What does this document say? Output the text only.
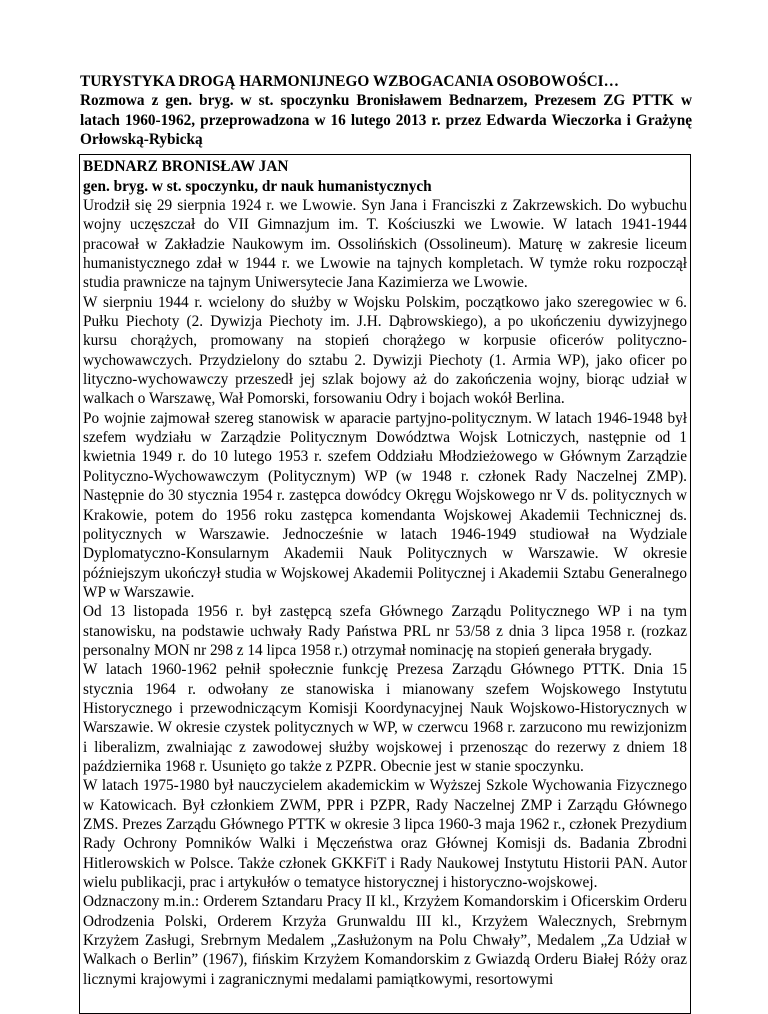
TURYSTYKA DROGĄ HARMONIJNEGO WZBOGACANIA OSOBOWOŚCI…

Rozmowa z gen. bryg. w st. spoczynku Bronisławem Bednarzem, Prezesem ZG PTTK w latach 1960-1962, przeprowadzona w 16 lutego 2013 r. przez Edwarda Wieczorka i Grażynę Orłowską-Rybicką

BEDNARZ BRONISŁAW JAN

gen. bryg. w st. spoczynku, dr nauk humanistycznych

Urodził się 29 sierpnia 1924 r. we Lwowie. Syn Jana i Franciszki z Zakrzewskich. Do wybuchu wojny uczęszczał do VII Gimnazjum im. T. Kościuszki we Lwowie. W latach 1941-1944 pracował w Zakładzie Naukowym im. Ossolińskich (Ossolineum). Maturę w zakresie liceum humanistycznego zdał w 1944 r. we Lwowie na tajnych kompletach. W tymże roku rozpoczął studia prawnicze na tajnym Uniwersytecie Jana Kazimierza we Lwowie.

W sierpniu 1944 r. wcielony do służby w Wojsku Polskim, początkowo jako szeregowiec w 6. Pułku Piechoty (2. Dywizja Piechoty im. J.H. Dąbrowskiego), a po ukończeniu dywizyjnego kursu chorążych, promowany na stopień chorążego w korpusie oficerów polityczno-wychowawczych. Przydzielony do sztabu 2. Dywizji Piechoty (1. Armia WP), jako oficer po lityczno-wychowawczy przeszedł jej szlak bojowy aż do zakończenia wojny, biorąc udział w walkach o Warszawę, Wał Pomorski, forsowaniu Odry i bojach wokół Berlina.

Po wojnie zajmował szereg stanowisk w aparacie partyjno-politycznym. W latach 1946-1948 był szefem wydziału w Zarządzie Politycznym Dowództwa Wojsk Lotniczych, następnie od 1 kwietnia 1949 r. do 10 lutego 1953 r. szefem Oddziału Młodzieżowego w Głównym Zarządzie Polityczno-Wychowawczym (Politycznym) WP (w 1948 r. członek Rady Naczelnej ZMP). Następnie do 30 stycznia 1954 r. zastępca dowódcy Okręgu Wojskowego nr V ds. politycznych w Krakowie, potem do 1956 roku zastępca komendanta Wojskowej Akademii Technicznej ds. politycznych w Warszawie. Jednocześnie w latach 1946-1949 studiował na Wydziale Dyplomatyczno-Konsularnym Akademii Nauk Politycznych w Warszawie. W okresie późniejszym ukończył studia w Wojskowej Akademii Politycznej i Akademii Sztabu Generalnego WP w Warszawie.

Od 13 listopada 1956 r. był zastępcą szefa Głównego Zarządu Politycznego WP i na tym stanowisku, na podstawie uchwały Rady Państwa PRL nr 53/58 z dnia 3 lipca 1958 r. (rozkaz personalny MON nr 298 z 14 lipca 1958 r.) otrzymał nominację na stopień generała brygady.

W latach 1960-1962 pełnił społecznie funkcję Prezesa Zarządu Głównego PTTK. Dnia 15 stycznia 1964 r. odwołany ze stanowiska i mianowany szefem Wojskowego Instytutu Historycznego i przewodniczącym Komisji Koordynacyjnej Nauk Wojskowo-Historycznych w Warszawie. W okresie czystek politycznych w WP, w czerwcu 1968 r. zarzucono mu rewizjonizm i liberalizm, zwalniając z zawodowej służby wojskowej i przenosząc do rezerwy z dniem 18 października 1968 r. Usunięto go także z PZPR. Obecnie jest w stanie spoczynku.

W latach 1975-1980 był nauczycielem akademickim w Wyższej Szkole Wychowania Fizycznego w Katowicach. Był członkiem ZWM, PPR i PZPR, Rady Naczelnej ZMP i Zarządu Głównego ZMS. Prezes Zarządu Głównego PTTK w okresie 3 lipca 1960-3 maja 1962 r., członek Prezydium Rady Ochrony Pomników Walki i Męczeństwa oraz Głównej Komisji ds. Badania Zbrodni Hitlerowskich w Polsce. Także członek GKKFiT i Rady Naukowej Instytutu Historii PAN. Autor wielu publikacji, prac i artykułów o tematyce historycznej i historyczno-wojskowej.

Odznaczony m.in.: Orderem Sztandaru Pracy II kl., Krzyżem Komandorskim i Oficerskim Orderu Odrodzenia Polski, Orderem Krzyża Grunwaldu III kl., Krzyżem Walecznych, Srebrnym Krzyżem Zasługi, Srebrnym Medalem „Zasłużonym na Polu Chwały”, Medalem „Za Udział w Walkach o Berlin” (1967), fińskim Krzyżem Komandorskim z Gwiazdą Orderu Białej Róży oraz licznymi krajowymi i zagranicznymi medalami pamiątkowymi, resortowymi
